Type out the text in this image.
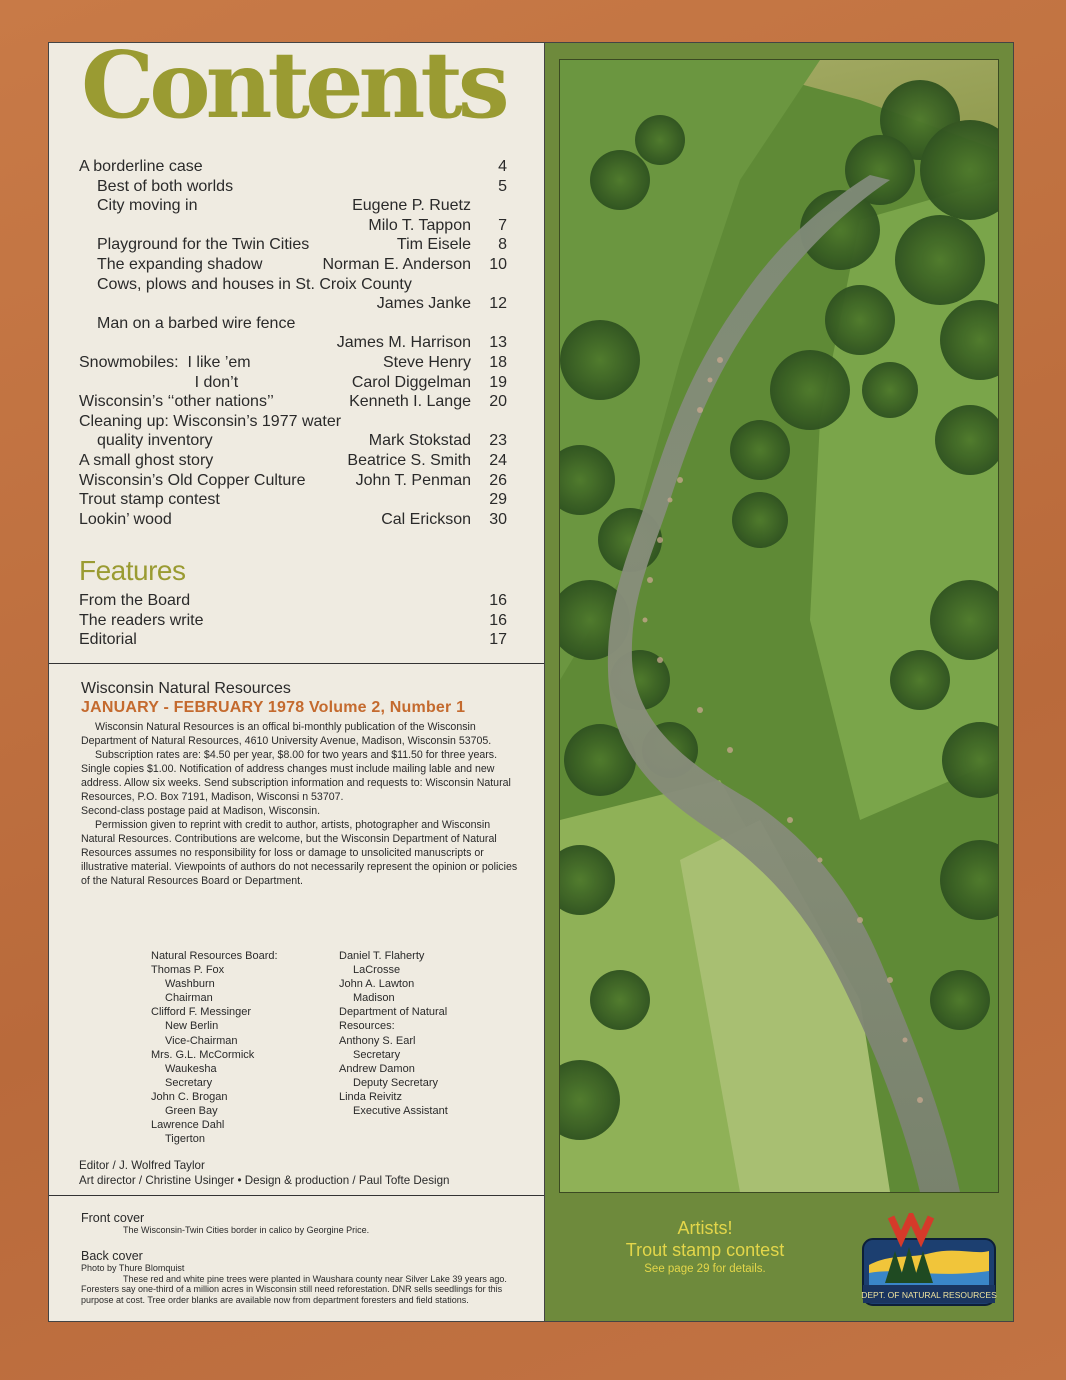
Contents
A borderline case	4
Best of both worlds	5
City moving in	Eugene P. Ruetz
Milo T. Tappon 7
Playground for the Twin Cities	Tim Eisele 8
The expanding shadow	Norman E. Anderson 10
Cows, plows and houses in St. Croix County
James Janke 12
Man on a barbed wire fence
James M. Harrison 13
Snowmobiles:  I like ’em	Steve Henry 18
I don’t	Carol Diggelman 19
Wisconsin’s ‘‘other nations’’	Kenneth I. Lange 20
Cleaning up: Wisconsin’s 1977 water
quality inventory	Mark Stokstad 23
A small ghost story	Beatrice S. Smith 24
Wisconsin’s Old Copper Culture	John T. Penman 26
Trout stamp contest	29
Lookin’ wood	Cal Erickson 30
Features
From the Board	16
The readers write	16
Editorial	17
Wisconsin Natural Resources
JANUARY - FEBRUARY 1978 Volume 2, Number 1

Wisconsin Natural Resources is an offical bi-monthly publication of the Wisconsin Department of Natural Resources, 4610 University Avenue, Madison, Wisconsin 53705.

Subscription rates are: $4.50 per year, $8.00 for two years and $11.50 for three years. Single copies $1.00. Notification of address changes must include mailing lable and new address. Allow six weeks. Send subscription information and requests to: Wisconsin Natural Resources, P.O. Box 7191, Madison, Wisconsi n 53707.

Second-class postage paid at Madison, Wisconsin.

Permission given to reprint with credit to author, artists, photographer and Wisconsin Natural Resources. Contributions are welcome, but the Wisconsin Department of Natural Resources assumes no responsibility for loss or damage to unsolicited manuscripts or illustrative material. Viewpoints of authors do not necessarily represent the opinion or policies of the Natural Resources Board or Department.

Natural Resources Board:
Thomas P. Fox
Washburn
Chairman
Clifford F. Messinger
New Berlin
Vice-Chairman
Mrs. G.L. McCormick
Waukesha
Secretary
John C. Brogan
Green Bay
Lawrence Dahl
Tigerton
Daniel T. Flaherty
LaCrosse
John A. Lawton
Madison
Department of Natural
Resources:
Anthony S. Earl
Secretary
Andrew Damon
Deputy Secretary
Linda Reivitz
Executive Assistant
Editor / J. Wolfred Taylor
Art director / Christine Usinger • Design & production / Paul Tofte Design
Front cover
The Wisconsin-Twin Cities border in calico by Georgine Price.
Back cover
Photo by Thure Blomquist
These red and white pine trees were planted in Waushara county near Silver Lake 39 years ago. Foresters say one-third of a million acres in Wisconsin still need reforestation. DNR sells seedlings for this purpose at cost. Tree order blanks are available now from department foresters and field stations.
Artists!
Trout stamp contest
See page 29 for details.
DEPT. OF NATURAL RESOURCES
